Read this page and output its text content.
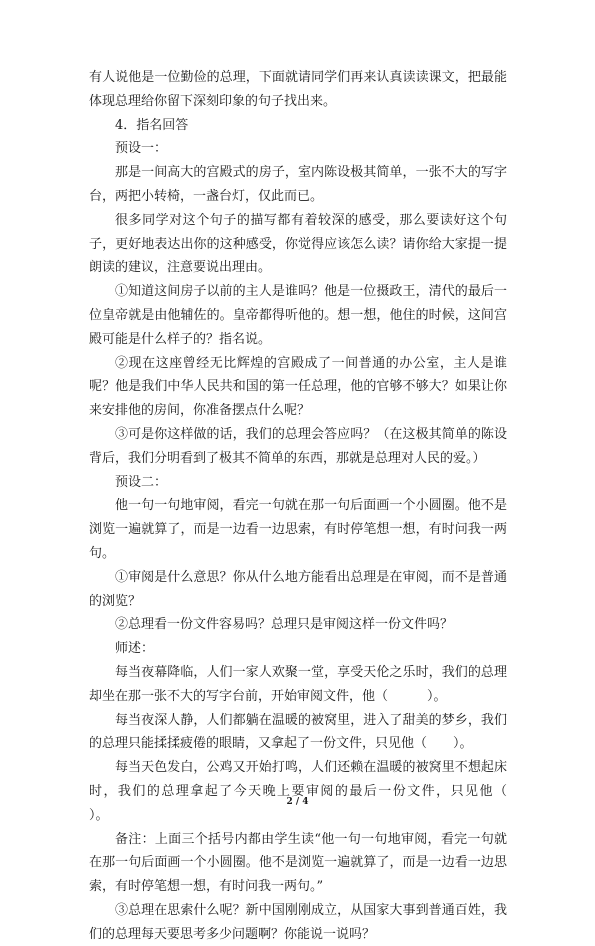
有人说他是一位勤俭的总理，下面就请同学们再来认真读读课文，把最能体现总理给你留下深刻印象的句子找出来。

4．指名回答

预设一：

那是一间高大的宫殿式的房子，室内陈设极其简单，一张不大的写字台，两把小转椅，一盏台灯，仅此而已。

很多同学对这个句子的描写都有着较深的感受，那么要读好这个句子，更好地表达出你的这种感受，你觉得应该怎么读？请你给大家提一提朗读的建议，注意要说出理由。

①知道这间房子以前的主人是谁吗？他是一位摄政王，清代的最后一位皇帝就是由他辅佐的。皇帝都得听他的。想一想，他住的时候，这间宫殿可能是什么样子的？指名说。

②现在这座曾经无比辉煌的宫殿成了一间普通的办公室，主人是谁呢？他是我们中华人民共和国的第一任总理，他的官够不够大？如果让你来安排他的房间，你准备摆点什么呢？

③可是你这样做的话，我们的总理会答应吗？（在这极其简单的陈设背后，我们分明看到了极其不简单的东西，那就是总理对人民的爱。）

预设二：

他一句一句地审阅，看完一句就在那一句后面画一个小圆圈。他不是浏览一遍就算了，而是一边看一边思索，有时停笔想一想，有时问我一两句。

①审阅是什么意思？你从什么地方能看出总理是在审阅，而不是普通的浏览？

②总理看一份文件容易吗？总理只是审阅这样一份文件吗？

师述：

每当夜幕降临，人们一家人欢聚一堂，享受天伦之乐时，我们的总理却坐在那一张不大的写字台前，开始审阅文件，他（　　　）。

每当夜深人静，人们都躺在温暖的被窝里，进入了甜美的梦乡，我们的总理只能揉揉疲倦的眼睛，又拿起了一份文件，只见他（　　）。

每当天色发白，公鸡又开始打鸣，人们还赖在温暖的被窝里不想起床时，我们的总理拿起了今天晚上要审阅的最后一份文件，只见他（　　）。

备注：上面三个括号内都由学生读“他一句一句地审阅，看完一句就在那一句后面画一个小圆圈。他不是浏览一遍就算了，而是一边看一边思索，有时停笔想一想，有时问我一两句。”

③总理在思索什么呢？新中国刚刚成立，从国家大事到普通百姓，我们的总理每天要思考多少问题啊？你能说一说吗？

2 / 4
